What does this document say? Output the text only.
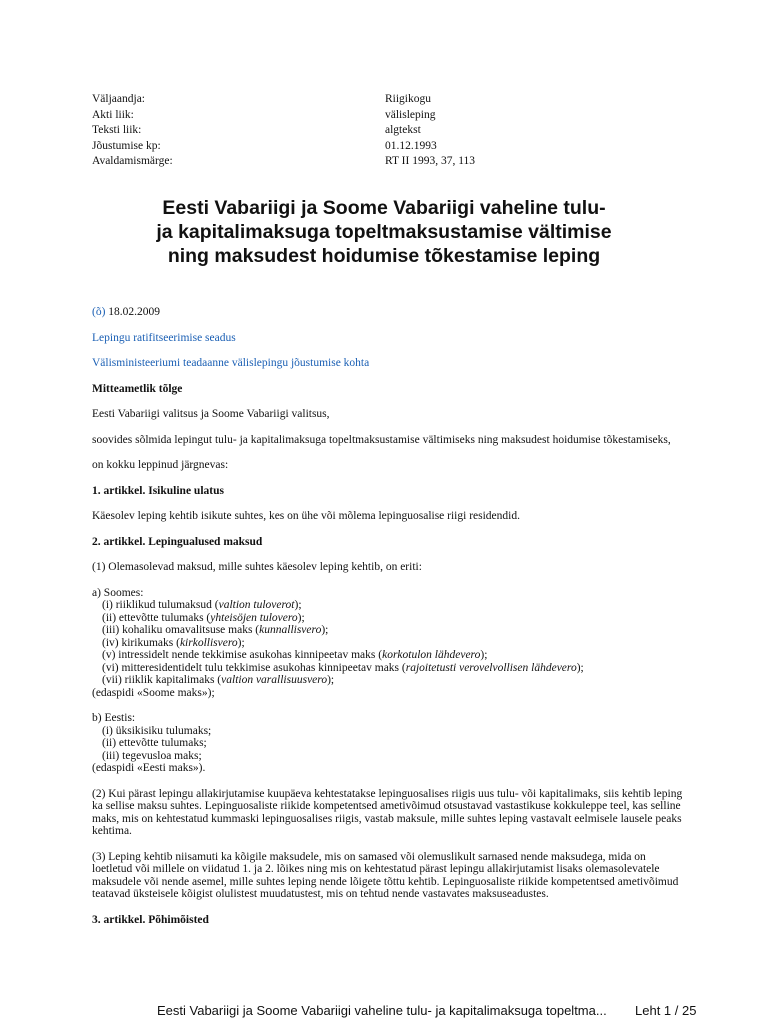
Väljaandja:	Riigikogu
Akti liik:	välisleping
Teksti liik:	algtekst
Jõustumise kp:	01.12.1993
Avaldamismärge:	RT II 1993, 37, 113
Eesti Vabariigi ja Soome Vabariigi vaheline tulu-
ja kapitalimaksuga topeltmaksustamise vältimise
ning maksudest hoidumise tõkestamise leping
(õ) 18.02.2009
Lepingu ratifitseerimise seadus
Välisministeeriumi teadaanne välislepingu jõustumise kohta
Mitteametlik tõlge
Eesti Vabariigi valitsus ja Soome Vabariigi valitsus,
soovides sõlmida lepingut tulu- ja kapitalimaksuga topeltmaksustamise vältimiseks ning maksudest hoidumise tõkestamiseks,
on kokku leppinud järgnevas:
1. artikkel. Isikuline ulatus
Käesolev leping kehtib isikute suhtes, kes on ühe või mõlema lepinguosalise riigi residendid.
2. artikkel. Lepingualused maksud
(1) Olemasolevad maksud, mille suhtes käesolev leping kehtib, on eriti:
a) Soomes:
(i) riiklikud tulumaksud (valtion tuloverot);
(ii) ettevõtte tulumaks (yhteisöjen tulovero);
(iii) kohaliku omavalitsuse maks (kunnallisvero);
(iv) kirikumaks (kirkollisvero);
(v) intressidelt nende tekkimise asukohas kinnipeetav maks (korkotulon lähdevero);
(vi) mitteresidentidelt tulu tekkimise asukohas kinnipeetav maks (rajoitetusti verovelvollisen lähdevero);
(vii) riiklik kapitalimaks (valtion varallisuusvero);
(edaspidi «Soome maks»);
b) Eestis:
(i) üksikisiku tulumaks;
(ii) ettevõtte tulumaks;
(iii) tegevusloa maks;
(edaspidi «Eesti maks»).
(2) Kui pärast lepingu allakirjutamise kuupäeva kehtestatakse lepinguosalises riigis uus tulu- või kapitalimaks, siis kehtib leping ka sellise maksu suhtes. Lepinguosaliste riikide kompetentsed ametivõimud otsustavad vastastikuse kokkuleppe teel, kas selline maks, mis on kehtestatud kummaski lepinguosalises riigis, vastab maksule, mille suhtes leping vastavalt eelmisele lausele peaks kehtima.
(3) Leping kehtib niisamuti ka kõigile maksudele, mis on samased või olemuslikult sarnased nende maksudega, mida on loetletud või millele on viidatud 1. ja 2. lõikes ning mis on kehtestatud pärast lepingu allakirjutamist lisaks olemasolevatele maksudele või nende asemel, mille suhtes leping nende lõigete tõttu kehtib. Lepinguosaliste riikide kompetentsed ametivõimud teatavad üksteisele kõigist olulistest muudatustest, mis on tehtud nende vastavates maksuseadustes.
3. artikkel. Põhimõisted
Eesti Vabariigi ja Soome Vabariigi vaheline tulu- ja kapitalimaksuga topeltma... Leht 1 / 25
